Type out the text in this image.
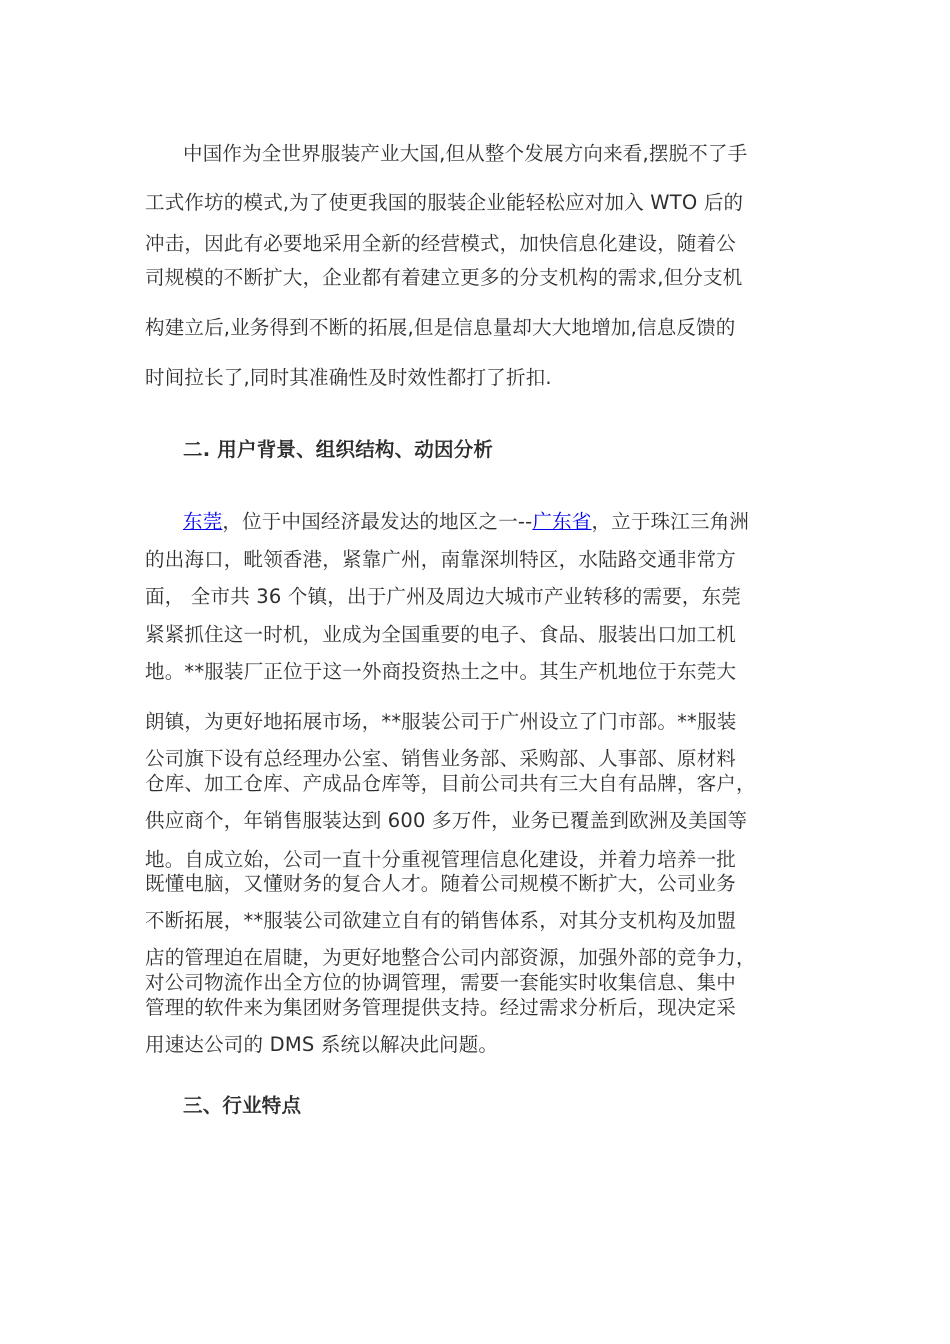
中国作为全世界服装产业大国,但从整个发展方向来看,摆脱不了手
工式作坊的模式,为了使更我国的服装企业能轻松应对加入 WTO 后的
冲击，因此有必要地采用全新的经营模式，加快信息化建设，随着公
司规模的不断扩大，企业都有着建立更多的分支机构的需求,但分支机
构建立后,业务得到不断的拓展,但是信息量却大大地增加,信息反馈的
时间拉长了,同时其准确性及时效性都打了折扣.
二. 用户背景、组织结构、动因分析
东莞，位于中国经济最发达的地区之一--广东省，立于珠江三角洲
的出海口，毗领香港，紧靠广州，南靠深圳特区，水陆路交通非常方
面， 全市共 36 个镇，出于广州及周边大城市产业转移的需要，东莞
紧紧抓住这一时机，业成为全国重要的电子、食品、服装出口加工机
地。**服装厂正位于这一外商投资热土之中。其生产机地位于东莞大
朗镇，为更好地拓展市场，**服装公司于广州设立了门市部。**服装
公司旗下设有总经理办公室、销售业务部、采购部、人事部、原材料
仓库、加工仓库、产成品仓库等，目前公司共有三大自有品牌，客户，
供应商个，年销售服装达到 600 多万件，业务已覆盖到欧洲及美国等
地。自成立始，公司一直十分重视管理信息化建设，并着力培养一批
既懂电脑，又懂财务的复合人才。随着公司规模不断扩大，公司业务
不断拓展，**服装公司欲建立自有的销售体系，对其分支机构及加盟
店的管理迫在眉睫，为更好地整合公司内部资源，加强外部的竞争力，
对公司物流作出全方位的协调管理，需要一套能实时收集信息、集中
管理的软件来为集团财务管理提供支持。经过需求分析后，现决定采
用速达公司的 DMS 系统以解决此问题。
三、行业特点
